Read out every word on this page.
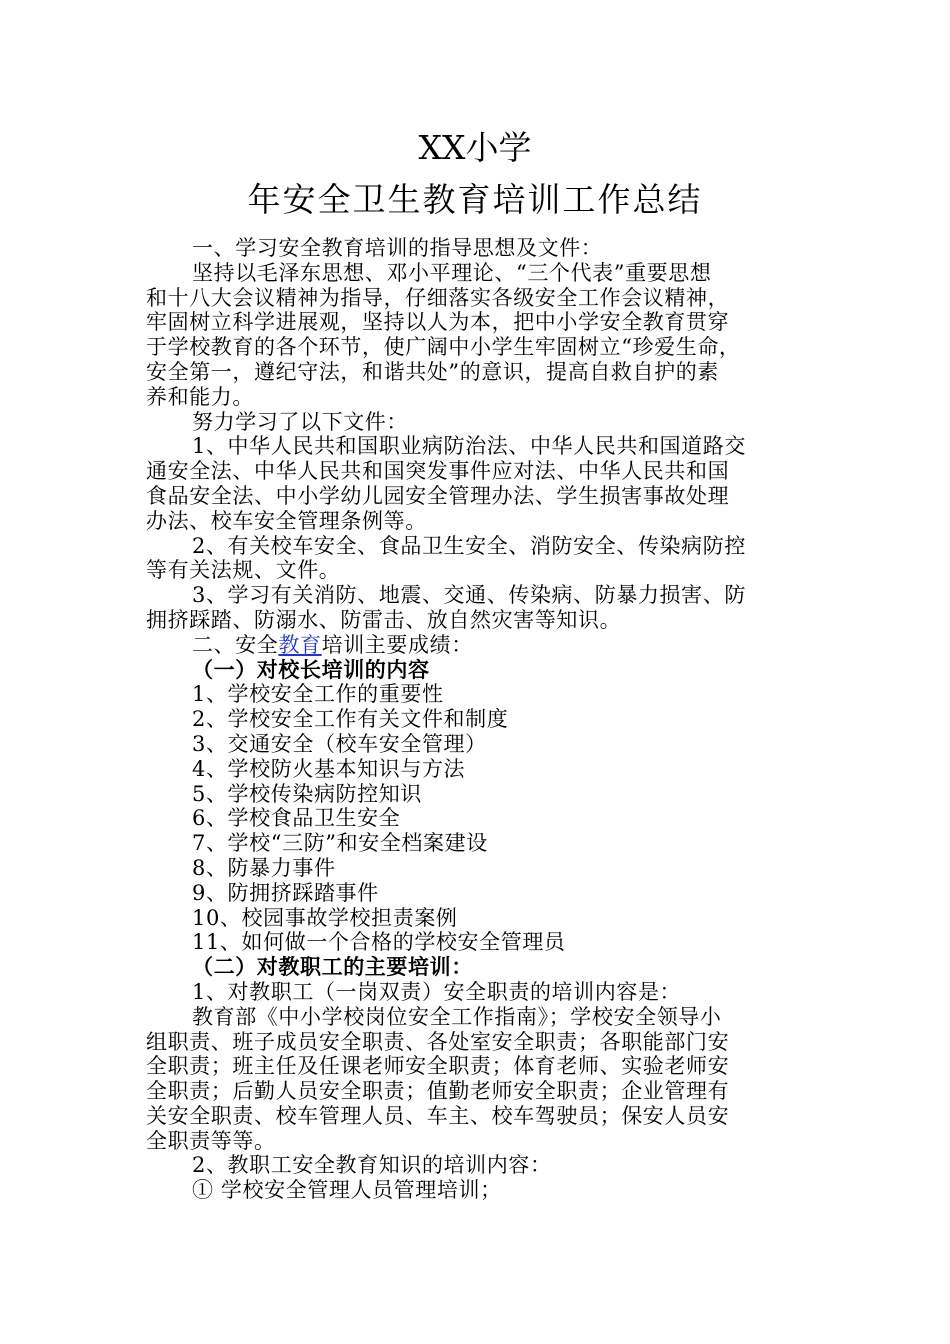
XX小学
年安全卫生教育培训工作总结
一、学习安全教育培训的指导思想及文件：
坚持以毛泽东思想、邓小平理论、“三个代表”重要思想
和十八大会议精神为指导，仔细落实各级安全工作会议精神，
牢固树立科学进展观，坚持以人为本，把中小学安全教育贯穿
于学校教育的各个环节，使广阔中小学生牢固树立“珍爱生命，
安全第一，遵纪守法，和谐共处”的意识，提高自救自护的素
养和能力。
努力学习了以下文件：
1、中华人民共和国职业病防治法、中华人民共和国道路交
通安全法、中华人民共和国突发事件应对法、中华人民共和国
食品安全法、中小学幼儿园安全管理办法、学生损害事故处理
办法、校车安全管理条例等。
2、有关校车安全、食品卫生安全、消防安全、传染病防控
等有关法规、文件。
3、学习有关消防、地震、交通、传染病、防暴力损害、防
拥挤踩踏、防溺水、防雷击、放自然灾害等知识。
二、安全教育培训主要成绩：
（一）对校长培训的内容
1、学校安全工作的重要性
2、学校安全工作有关文件和制度
3、交通安全（校车安全管理）
4、学校防火基本知识与方法
5、学校传染病防控知识
6、学校食品卫生安全
7、学校“三防”和安全档案建设
8、防暴力事件
9、防拥挤踩踏事件
10、校园事故学校担责案例
11、如何做一个合格的学校安全管理员
（二）对教职工的主要培训：
1、对教职工（一岗双责）安全职责的培训内容是：
教育部《中小学校岗位安全工作指南》；学校安全领导小
组职责、班子成员安全职责、各处室安全职责；各职能部门安
全职责；班主任及任课老师安全职责；体育老师、实验老师安
全职责；后勤人员安全职责；值勤老师安全职责；企业管理有
关安全职责、校车管理人员、车主、校车驾驶员；保安人员安
全职责等等。
2、教职工安全教育知识的培训内容：
① 学校安全管理人员管理培训；
